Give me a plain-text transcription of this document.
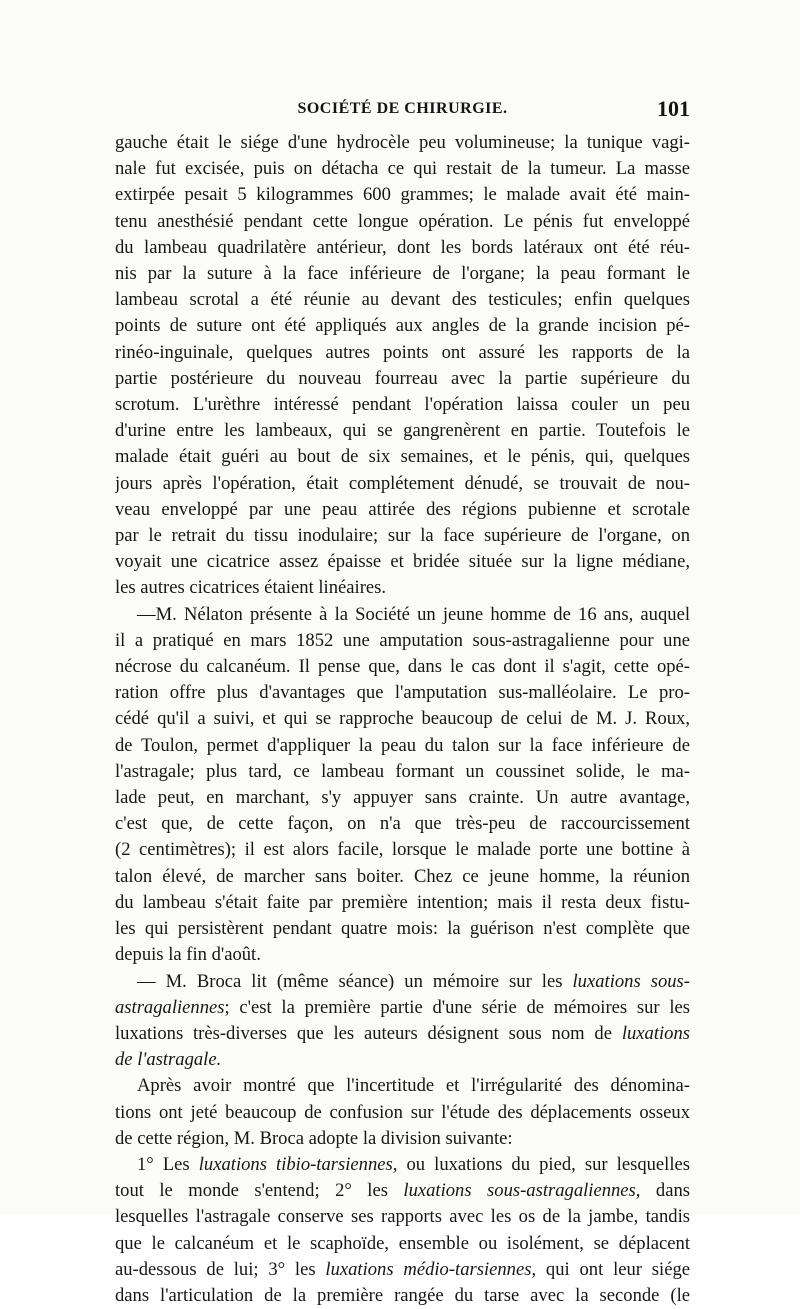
SOCIÉTÉ DE CHIRURGIE.	101
gauche était le siége d'une hydrocèle peu volumineuse; la tunique vagi-
nale fut excisée, puis on détacha ce qui restait de la tumeur. La masse
extirpée pesait 5 kilogrammes 600 grammes; le malade avait été main-
tenu anesthésié pendant cette longue opération. Le pénis fut enveloppé
du lambeau quadrilatère antérieur, dont les bords latéraux ont été réu-
nis par la suture à la face inférieure de l'organe; la peau formant le
lambeau scrotal a été réunie au devant des testicules; enfin quelques
points de suture ont été appliqués aux angles de la grande incision pé-
rinéo-inguinale, quelques autres points ont assuré les rapports de la
partie postérieure du nouveau fourreau avec la partie supérieure du
scrotum. L'urèthre intéressé pendant l'opération laissa couler un peu
d'urine entre les lambeaux, qui se gangrenèrent en partie. Toutefois le
malade était guéri au bout de six semaines, et le pénis, qui, quelques
jours après l'opération, était complétement dénudé, se trouvait de nou-
veau enveloppé par une peau attirée des régions pubienne et scrotale
par le retrait du tissu inodulaire; sur la face supérieure de l'organe, on
voyait une cicatrice assez épaisse et bridée située sur la ligne médiane,
les autres cicatrices étaient linéaires.
—M. Nélaton présente à la Société un jeune homme de 16 ans, auquel
il a pratiqué en mars 1852 une amputation sous-astragalienne pour une
nécrose du calcanéum. Il pense que, dans le cas dont il s'agit, cette opé-
ration offre plus d'avantages que l'amputation sus-malléolaire. Le pro-
cédé qu'il a suivi, et qui se rapproche beaucoup de celui de M. J. Roux,
de Toulon, permet d'appliquer la peau du talon sur la face inférieure de
l'astragale; plus tard, ce lambeau formant un coussinet solide, le ma-
lade peut, en marchant, s'y appuyer sans crainte. Un autre avantage,
c'est que, de cette façon, on n'a que très-peu de raccourcissement
(2 centimètres); il est alors facile, lorsque le malade porte une bottine à
talon élevé, de marcher sans boiter. Chez ce jeune homme, la réunion
du lambeau s'était faite par première intention; mais il resta deux fistu-
les qui persistèrent pendant quatre mois: la guérison n'est complète que
depuis la fin d'août.
— M. Broca lit (même séance) un mémoire sur les luxations sous-
astragaliennes; c'est la première partie d'une série de mémoires sur les
luxations très-diverses que les auteurs désignent sous nom de luxations
de l'astragale.
Après avoir montré que l'incertitude et l'irrégularité des dénomina-
tions ont jeté beaucoup de confusion sur l'étude des déplacements osseux
de cette région, M. Broca adopte la division suivante:
1° Les luxations tibio-tarsiennes, ou luxations du pied, sur lesquelles
tout le monde s'entend; 2° les luxations sous-astragaliennes, dans
lesquelles l'astragale conserve ses rapports avec les os de la jambe, tandis
que le calcanéum et le scaphoïde, ensemble ou isolément, se déplacent
au-dessous de lui; 3° les luxations médio-tarsiennes, qui ont leur siége
dans l'articulation de la première rangée du tarse avec la seconde (le
